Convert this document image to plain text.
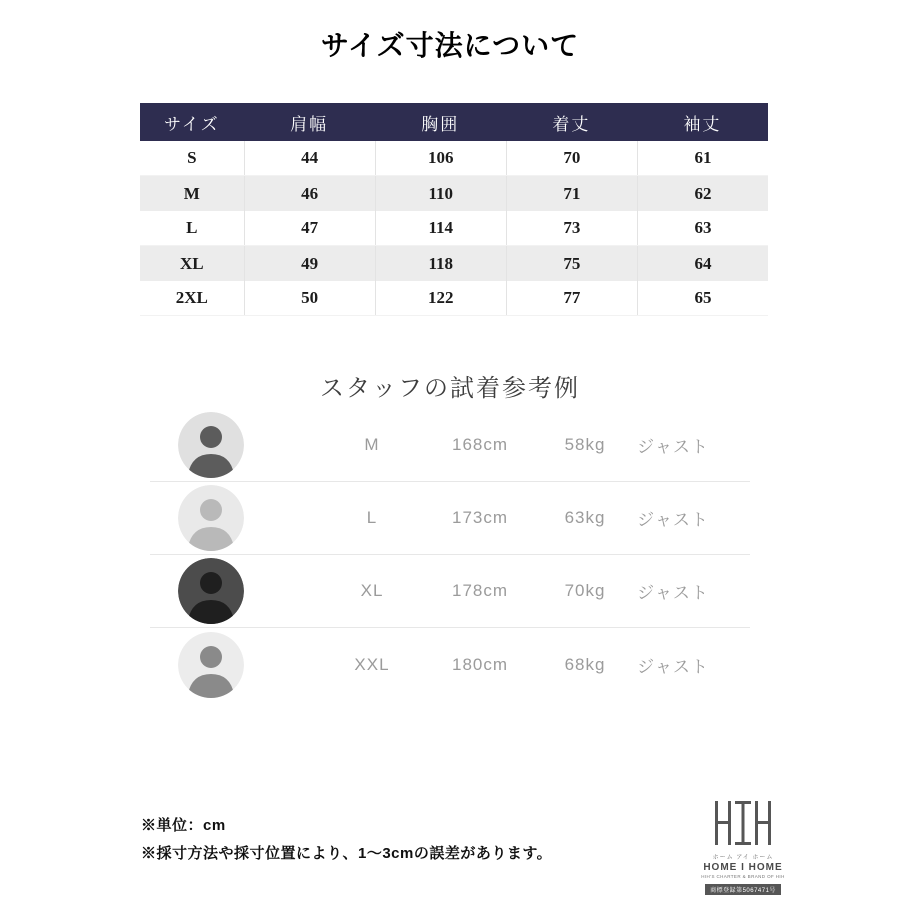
サイズ寸法について
サイズ	肩幅	胸囲	着丈	袖丈
S	44	106	70	61
M	46	110	71	62
L	47	114	73	63
XL	49	118	75	64
2XL	50	122	77	65
スタッフの試着参考例
M	168cm	58kg ジャスト
L	173cm	63kg ジャスト
XL	178cm	70kg ジャスト
XXL	180cm	68kg ジャスト
※単位：cm
※採寸方法や採寸位置により、1～3cmの誤差があります。	ホーム アイ ホーム
HOME I HOME
HIH'S CHARTER & BRAND OF HIH
商標登録第5067471号
